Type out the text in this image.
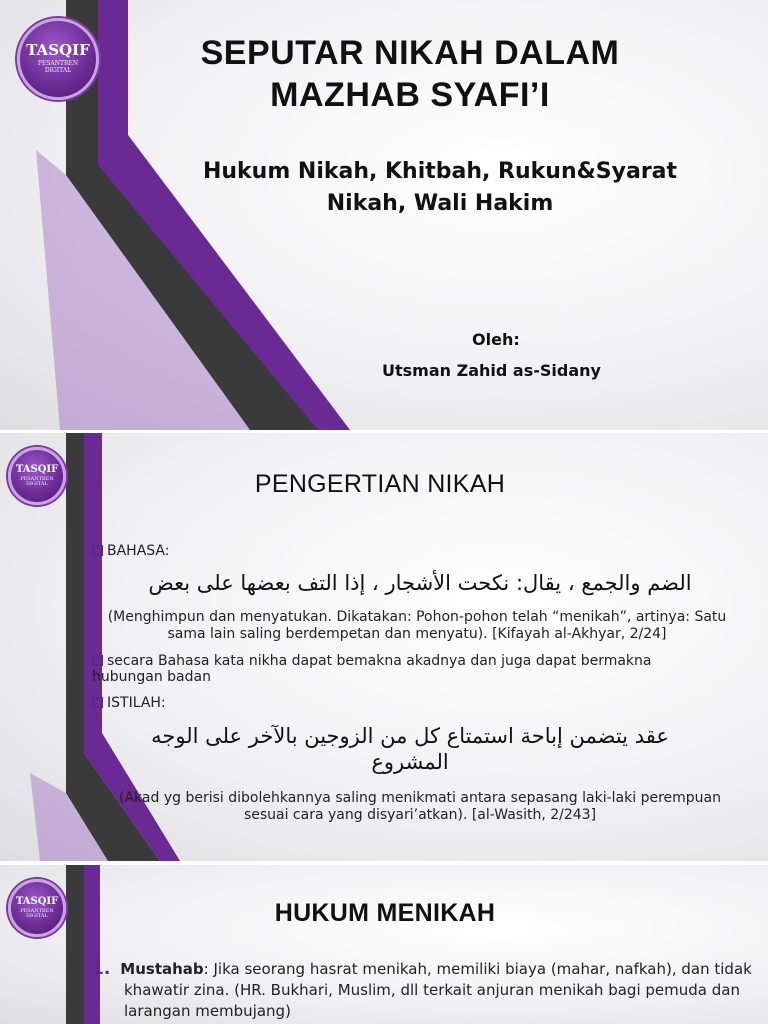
TASQIF
PESANTREN
DIGITAL	SEPUTAR NIKAH DALAM MAZHAB SYAFI’I
Hukum Nikah, Khitbah, Rukun&Syarat Nikah, Wali Hakim
Oleh:
Utsman Zahid as-Sidany
TASQIF
PESANTREN
DIGITAL	PENGERTIAN NIKAH
BAHASA:
الضم والجمع ، يقال: نكحت الأشجار ، إذا التف بعضها على بعض
(Menghimpun dan menyatukan. Dikatakan: Pohon-pohon telah “menikah”, artinya: Satu sama lain saling berdempetan dan menyatu). [Kifayah al-Akhyar, 2/24]
secara Bahasa kata nikha dapat bemakna akadnya dan juga dapat bermakna hubungan badan
ISTILAH:
عقد يتضمن إباحة استمتاع كل من الزوجين بالآخر على الوجه المشروع
(Akad yg berisi dibolehkannya saling menikmati antara sepasang laki-laki perempuan sesuai cara yang disyari’atkan). [al-Wasith, 2/243]
TASQIF
PESANTREN
DIGITAL	HUKUM MENIKAH
1. Mustahab: Jika seorang hasrat menikah, memiliki biaya (mahar, nafkah), dan tidak khawatir zina. (HR. Bukhari, Muslim, dll terkait anjuran menikah bagi pemuda dan larangan membujang)
